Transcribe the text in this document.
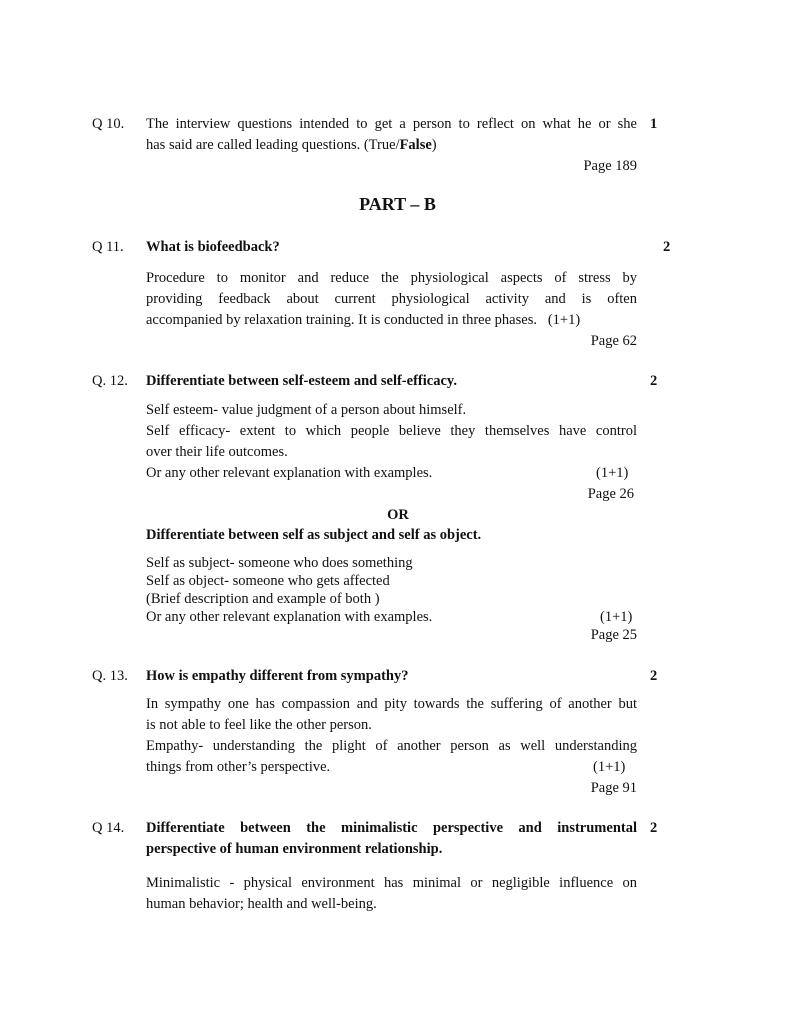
Q 10. The interview questions intended to get a person to reflect on what he or she
has said are called leading questions. (True/False)
1
Page 189
PART – B
Q 11. What is biofeedback?	2
Procedure to monitor and reduce the physiological aspects of stress by
providing feedback about current physiological activity and is often
accompanied by relaxation training. It is conducted in three phases. (1+1)
Page 62
Q. 12. Differentiate between self-esteem and self-efficacy.	2
Self esteem- value judgment of a person about himself.
Self efficacy- extent to which people believe they themselves have control
over their life outcomes.
Or any other relevant explanation with examples.	(1+1)
Page 26
OR
Differentiate between self as subject and self as object.
Self as subject- someone who does something
Self as object- someone who gets affected
(Brief description and example of both )
Or any other relevant explanation with examples.	(1+1)
Page 25
Q. 13. How is empathy different from sympathy?	2
In sympathy one has compassion and pity towards the suffering of another but
is not able to feel like the other person.
Empathy- understanding the plight of another person as well understanding
things from other’s perspective.	(1+1)
Page 91
Q 14. Differentiate between the minimalistic perspective and instrumental
perspective of human environment relationship.
2
Minimalistic - physical environment has minimal or negligible influence on
human behavior; health and well-being.
